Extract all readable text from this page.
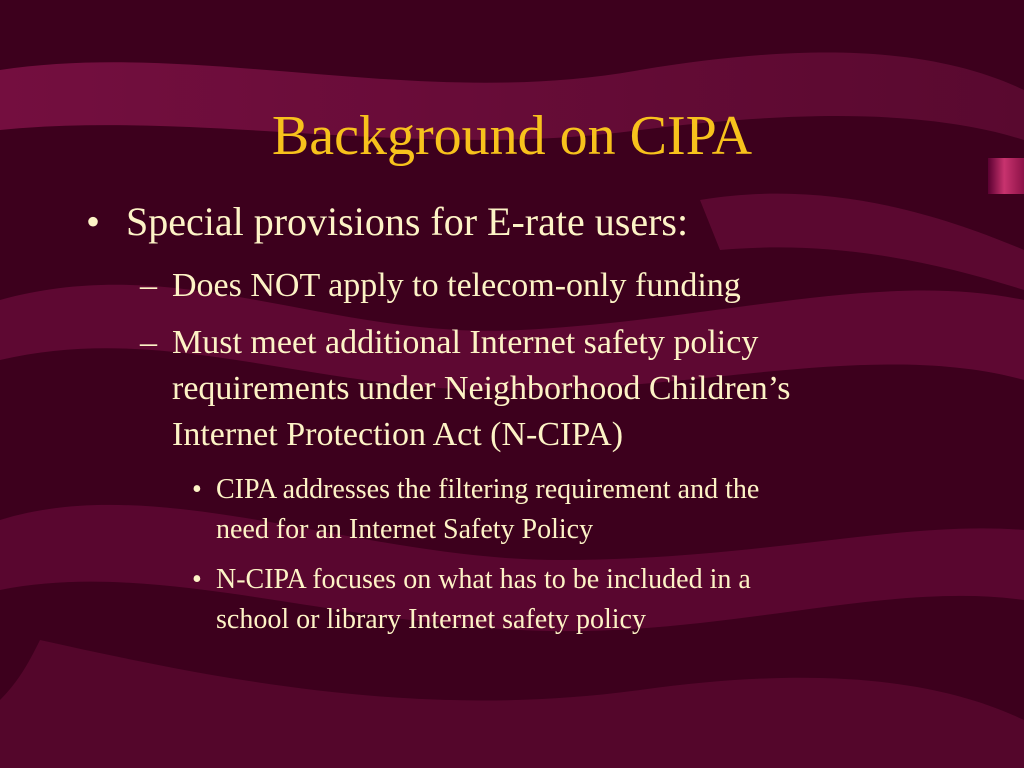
Background on CIPA
• Special provisions for E-rate users:
– Does NOT apply to telecom-only funding
– Must meet additional Internet safety policy
requirements under Neighborhood Children’s
Internet Protection Act (N-CIPA)
• CIPA addresses the filtering requirement and the
need for an Internet Safety Policy
• N-CIPA focuses on what has to be included in a
school or library Internet safety policy
